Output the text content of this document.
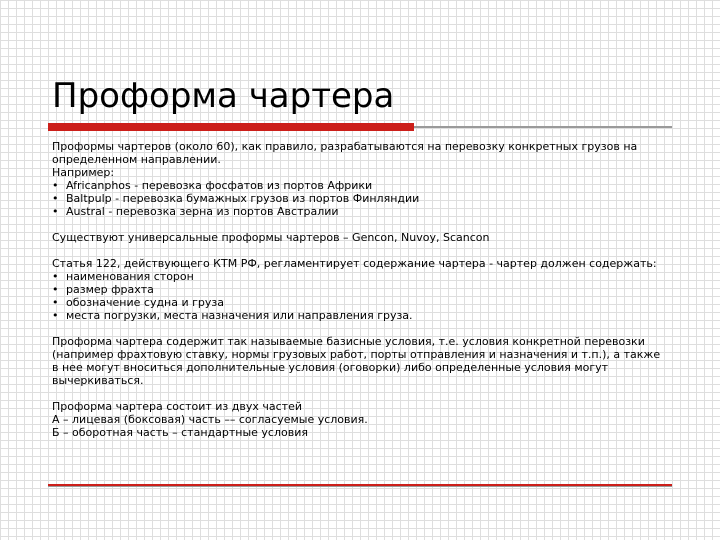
Проформа чартера
Проформы чартеров (около 60), как правило, разрабатываются на перевозку конкретных грузов на определенном направлении.
Например:
• Africanphos - перевозка фосфатов из портов Африки
• Baltpulp - перевозка бумажных грузов из портов Финляндии
• Austral - перевозка зерна из портов Австралии
Существуют универсальные проформы чартеров – Gencon, Nuvoy, Scancon
Статья 122, действующего КТМ РФ, регламентирует содержание чартера - чартер должен содержать:
• наименования сторон
• размер фрахта
• обозначение судна и груза
• места погрузки, места назначения или направления груза.
Проформа чартера содержит так называемые базисные условия, т.е. условия конкретной перевозки (например фрахтовую ставку, нормы грузовых работ, порты отправления и назначения и т.п.), а также в нее могут вноситься дополнительные условия (оговорки) либо определенные условия могут вычеркиваться.
Проформа чартера состоит из двух частей
А – лицевая (боксовая) часть –– согласуемые условия.
Б – оборотная часть – стандартные условия
